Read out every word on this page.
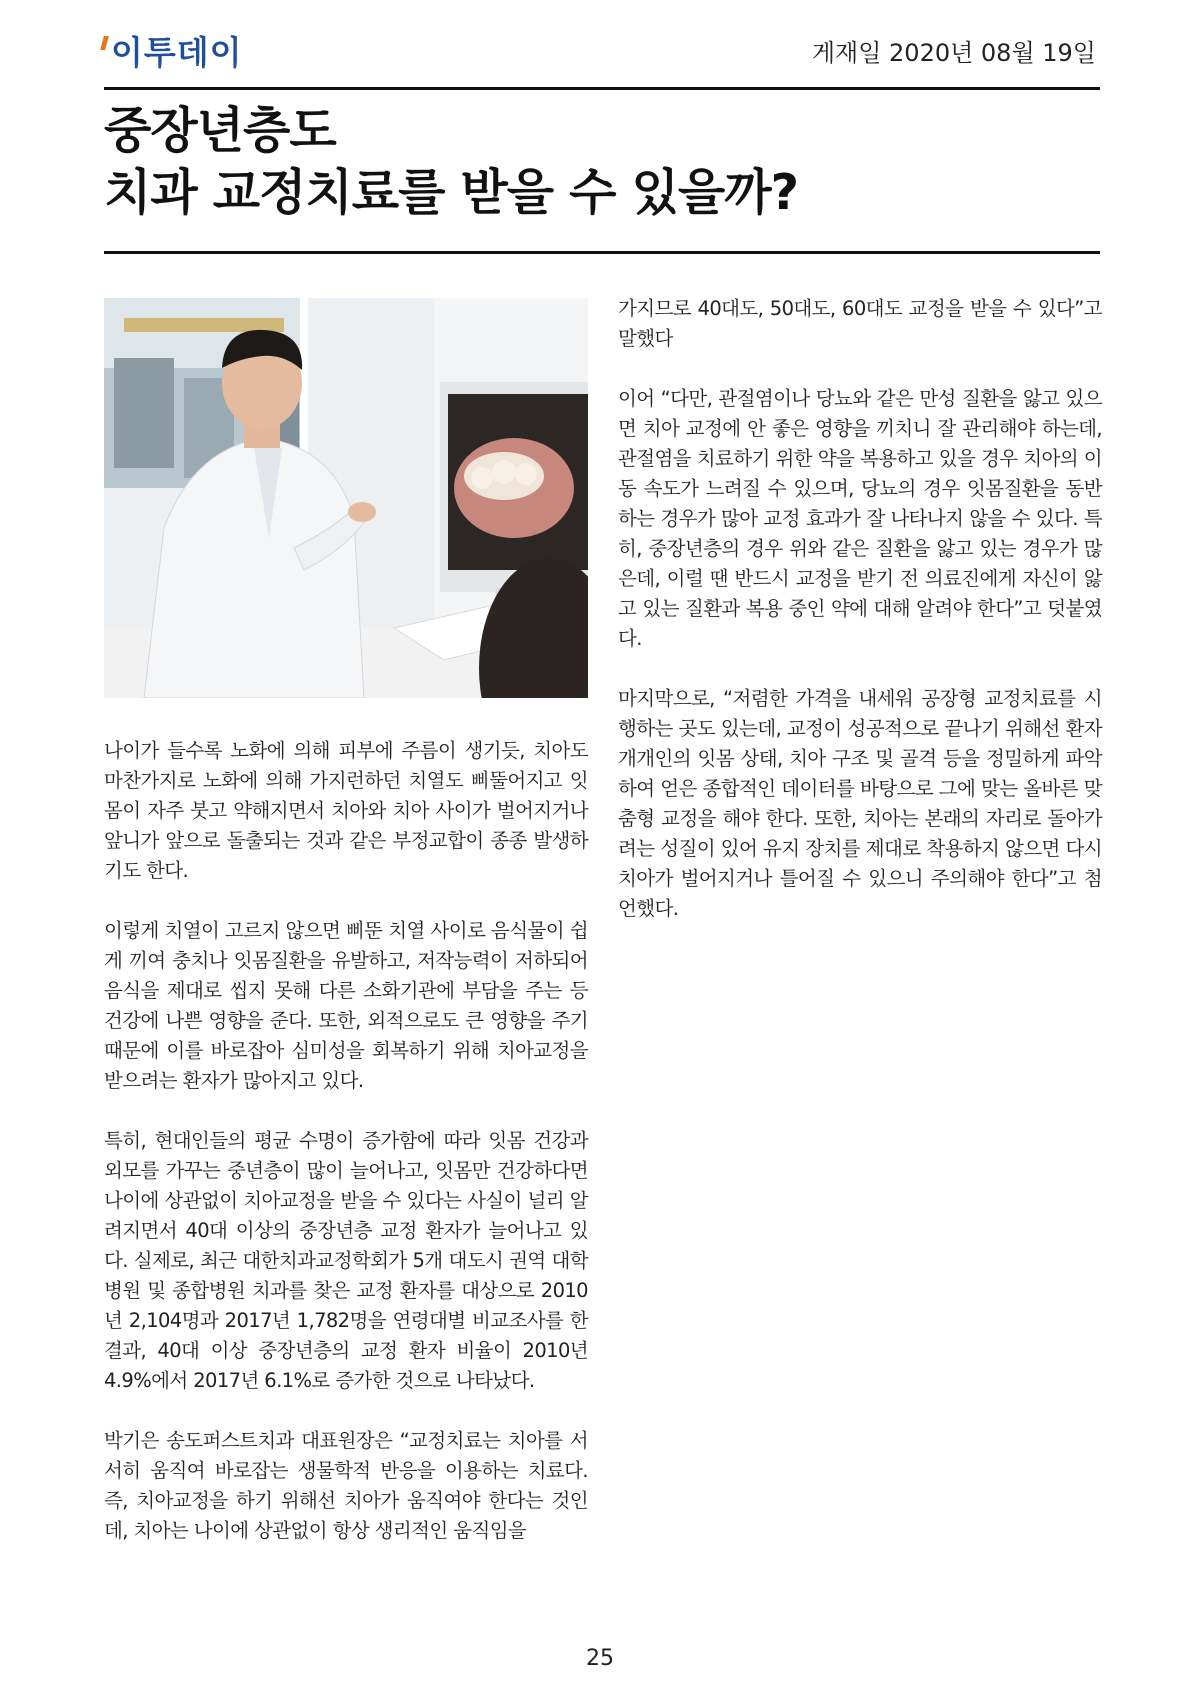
이투데이	게재일 2020년 08월 19일
중장년층도
치과 교정치료를 받을 수 있을까?

나이가 들수록 노화에 의해 피부에 주름이 생기듯, 치아도 마찬가지로 노화에 의해 가지런하던 치열도 삐뚤어지고 잇몸이 자주 붓고 약해지면서 치아와 치아 사이가 벌어지거나 앞니가 앞으로 돌출되는 것과 같은 부정교합이 종종 발생하기도 한다.

이렇게 치열이 고르지 않으면 삐뚠 치열 사이로 음식물이 쉽게 끼여 충치나 잇몸질환을 유발하고, 저작능력이 저하되어 음식을 제대로 씹지 못해 다른 소화기관에 부담을 주는 등 건강에 나쁜 영향을 준다. 또한, 외적으로도 큰 영향을 주기 때문에 이를 바로잡아 심미성을 회복하기 위해 치아교정을 받으려는 환자가 많아지고 있다.

특히, 현대인들의 평균 수명이 증가함에 따라 잇몸 건강과 외모를 가꾸는 중년층이 많이 늘어나고, 잇몸만 건강하다면 나이에 상관없이 치아교정을 받을 수 있다는 사실이 널리 알려지면서 40대 이상의 중장년층 교정 환자가 늘어나고 있다. 실제로, 최근 대한치과교정학회가 5개 대도시 권역 대학병원 및 종합병원 치과를 찾은 교정 환자를 대상으로 2010년 2,104명과 2017년 1,782명을 연령대별 비교조사를 한 결과, 40대 이상 중장년층의 교정 환자 비율이 2010년 4.9%에서 2017년 6.1%로 증가한 것으로 나타났다.

박기은 송도퍼스트치과 대표원장은 “교정치료는 치아를 서서히 움직여 바로잡는 생물학적 반응을 이용하는 치료다. 즉, 치아교정을 하기 위해선 치아가 움직여야 한다는 것인데, 치아는 나이에 상관없이 항상 생리적인 움직임을

가지므로 40대도, 50대도, 60대도 교정을 받을 수 있다”고 말했다

이어 “다만, 관절염이나 당뇨와 같은 만성 질환을 앓고 있으면 치아 교정에 안 좋은 영향을 끼치니 잘 관리해야 하는데, 관절염을 치료하기 위한 약을 복용하고 있을 경우 치아의 이동 속도가 느려질 수 있으며, 당뇨의 경우 잇몸질환을 동반하는 경우가 많아 교정 효과가 잘 나타나지 않을 수 있다. 특히, 중장년층의 경우 위와 같은 질환을 앓고 있는 경우가 많은데, 이럴 땐 반드시 교정을 받기 전 의료진에게 자신이 앓고 있는 질환과 복용 중인 약에 대해 알려야 한다”고 덧붙였다.

마지막으로, “저렴한 가격을 내세워 공장형 교정치료를 시행하는 곳도 있는데, 교정이 성공적으로 끝나기 위해선 환자 개개인의 잇몸 상태, 치아 구조 및 골격 등을 정밀하게 파악하여 얻은 종합적인 데이터를 바탕으로 그에 맞는 올바른 맞춤형 교정을 해야 한다. 또한, 치아는 본래의 자리로 돌아가려는 성질이 있어 유지 장치를 제대로 착용하지 않으면 다시 치아가 벌어지거나 틀어질 수 있으니 주의해야 한다”고 첨언했다.

25
